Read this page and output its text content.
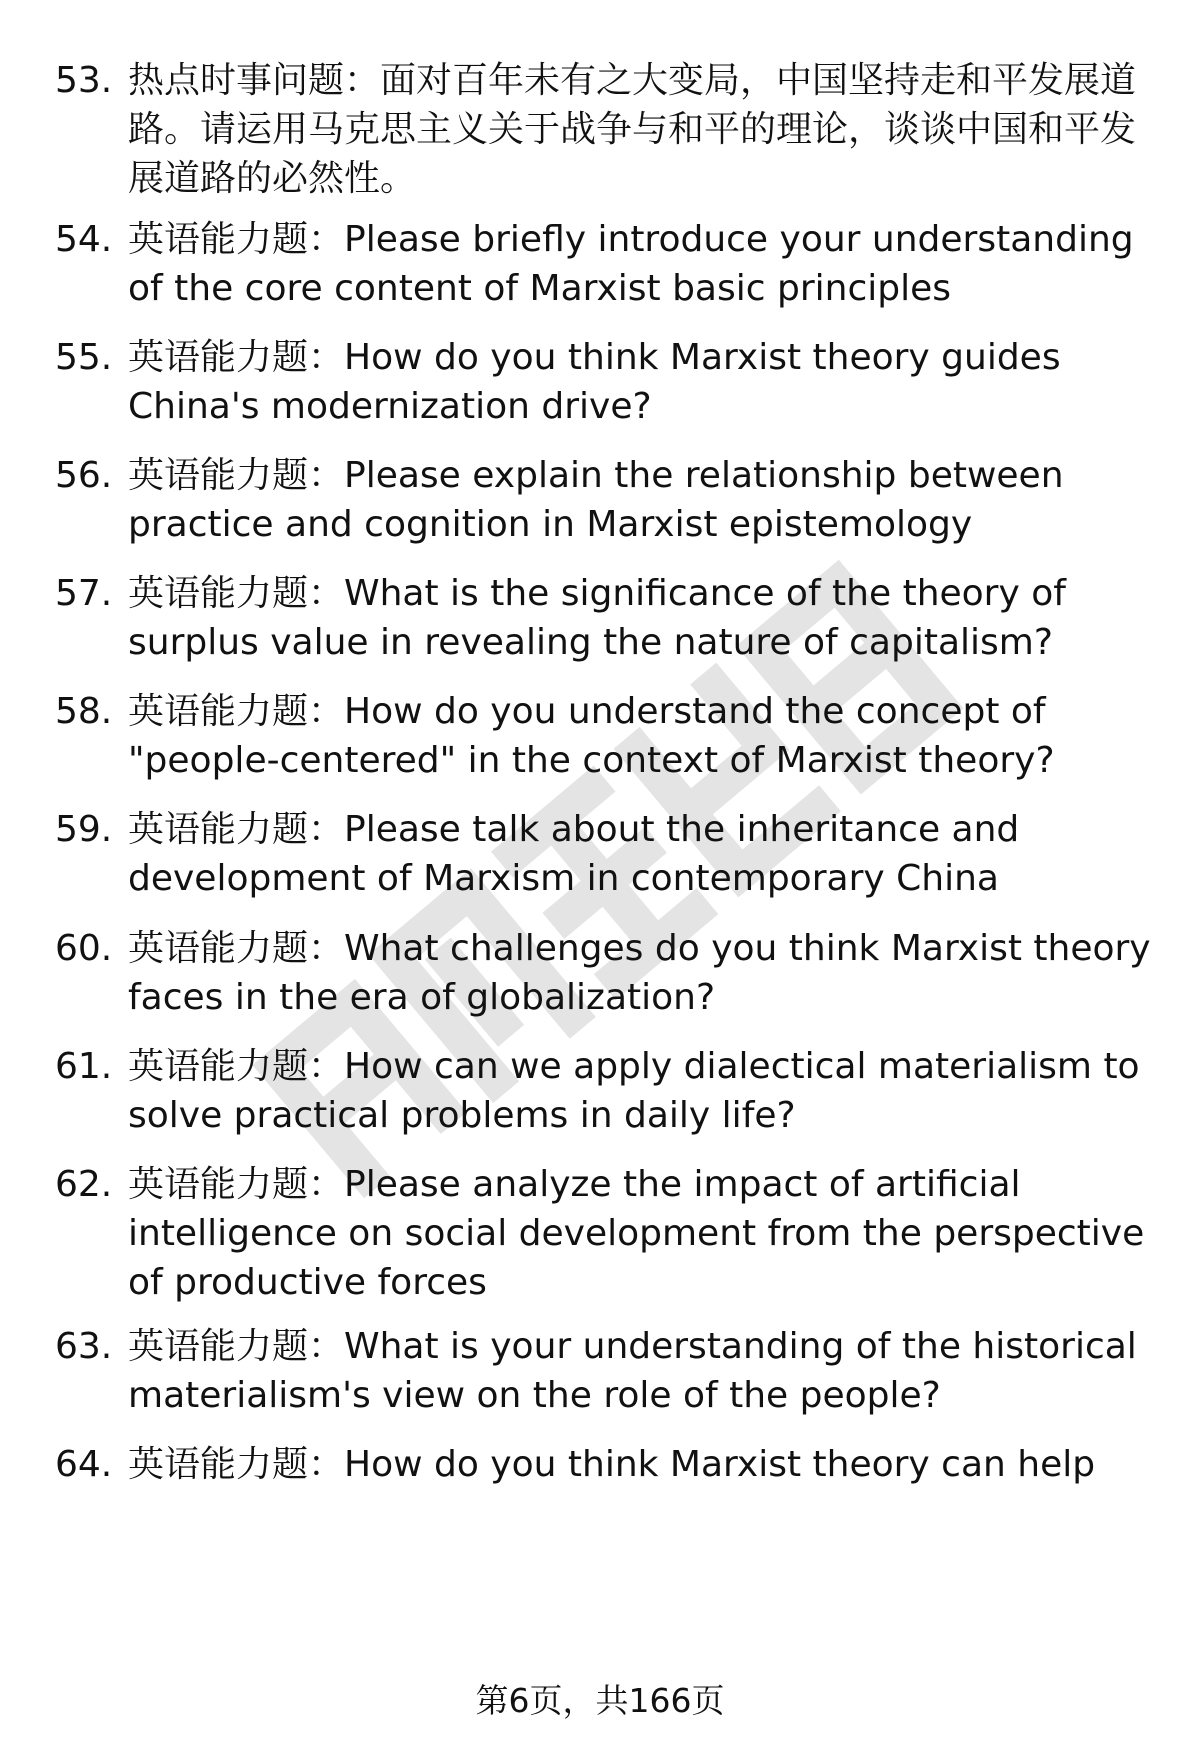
53. 热点时事问题：面对百年未有之大变局，中国坚持走和平发展道路。请运用马克思主义关于战争与和平的理论，谈谈中国和平发展道路的必然性。
54. 英语能力题：Please briefly introduce your understanding of the core content of Marxist basic principles
55. 英语能力题：How do you think Marxist theory guides China's modernization drive?
56. 英语能力题：Please explain the relationship between practice and cognition in Marxist epistemology
57. 英语能力题：What is the significance of the theory of surplus value in revealing the nature of capitalism?
58. 英语能力题：How do you understand the concept of "people-centered" in the context of Marxist theory?
59. 英语能力题：Please talk about the inheritance and development of Marxism in contemporary China
60. 英语能力题：What challenges do you think Marxist theory faces in the era of globalization?
61. 英语能力题：How can we apply dialectical materialism to solve practical problems in daily life?
62. 英语能力题：Please analyze the impact of artificial intelligence on social development from the perspective of productive forces
63. 英语能力题：What is your understanding of the historical materialism's view on the role of the people?
64. 英语能力题：How do you think Marxist theory can help
第6页，共166页
